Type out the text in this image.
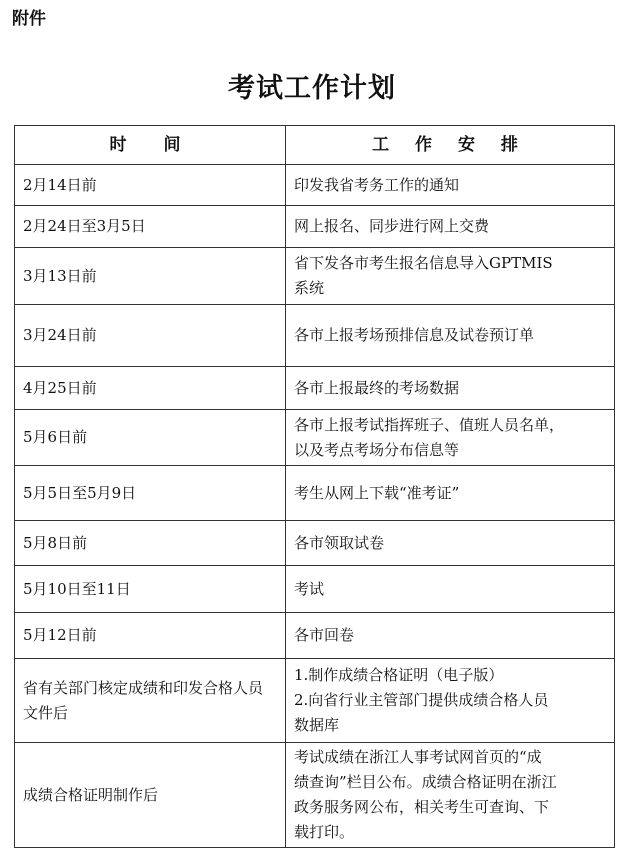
附件
考试工作计划
时　间	工 作 安 排
2月14日前	印发我省考务工作的通知

2月24日至3月5日	网上报名、同步进行网上交费

3月13日前	省下发各市考生报名信息导入GPTMIS
系统

3月24日前	各市上报考场预排信息及试卷预订单

4月25日前	各市上报最终的考场数据

5月6日前	各市上报考试指挥班子、值班人员名单，
以及考点考场分布信息等

5月5日至5月9日	考生从网上下载“准考证”

5月8日前	各市领取试卷

5月10日至11日	考试

5月12日前	各市回卷

省有关部门核定成绩和印发合格人员文件后	1.制作成绩合格证明（电子版）
2.向省行业主管部门提供成绩合格人员
数据库

成绩合格证明制作后	考试成绩在浙江人事考试网首页的“成
绩查询”栏目公布。成绩合格证明在浙江
政务服务网公布，相关考生可查询、下
载打印。
